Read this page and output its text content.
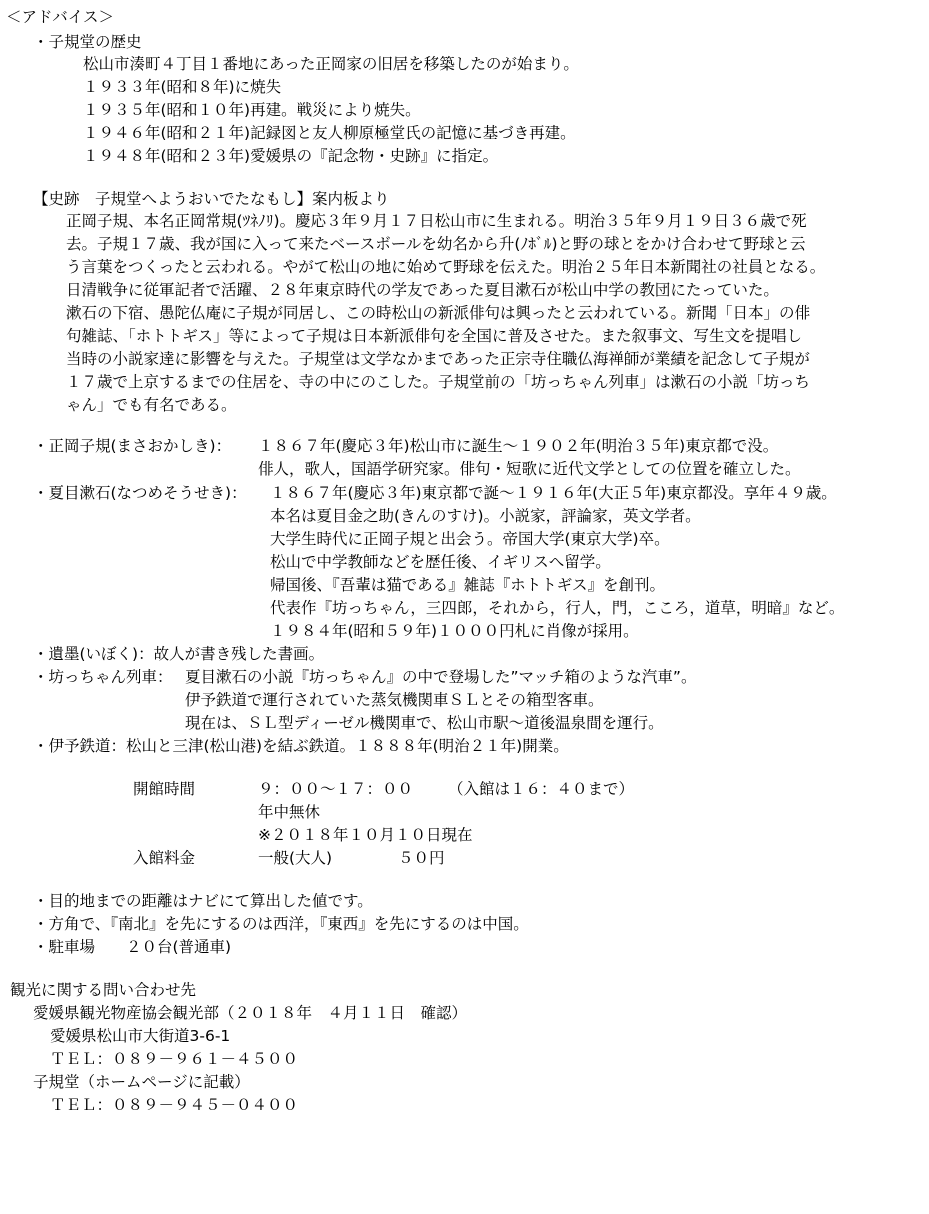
＜アドバイス＞
・子規堂の歴史
松山市湊町４丁目１番地にあった正岡家の旧居を移築したのが始まり。
１９３３年(昭和８年)に焼失
１９３５年(昭和１０年)再建。戦災により焼失。
１９４６年(昭和２１年)記録図と友人柳原極堂氏の記憶に基づき再建。
１９４８年(昭和２３年)愛媛県の『記念物・史跡』に指定。
【史跡　子規堂へようおいでたなもし】案内板より
正岡子規、本名正岡常規(ﾂﾈﾉﾘ)。慶応３年９月１７日松山市に生まれる。明治３５年９月１９日３６歳で死
去。子規１７歳、我が国に入って来たベースボールを幼名から升(ﾉﾎﾞﾙ)と野の球とをかけ合わせて野球と云
う言葉をつくったと云われる。やがて松山の地に始めて野球を伝えた。明治２５年日本新聞社の社員となる。
日清戦争に従軍記者で活躍、２８年東京時代の学友であった夏目漱石が松山中学の教団にたっていた。
漱石の下宿、愚陀仏庵に子規が同居し、この時松山の新派俳句は興ったと云われている。新聞「日本」の俳
句雑誌、「ホトトギス」等によって子規は日本新派俳句を全国に普及させた。また叙事文、写生文を提唱し
当時の小説家達に影響を与えた。子規堂は文学なかまであった正宗寺住職仏海禅師が業績を記念して子規が
１７歳で上京するまでの住居を、寺の中にのこした。子規堂前の「坊っちゃん列車」は漱石の小説「坊っち
ゃん」でも有名である。
・正岡子規(まさおかしき)： １８６７年(慶応３年)松山市に誕生～１９０２年(明治３５年)東京都で没。
俳人，歌人，国語学研究家。俳句・短歌に近代文学としての位置を確立した。
・夏目漱石(なつめそうせき)： １８６７年(慶応３年)東京都で誕～１９１６年(大正５年)東京都没。享年４９歳。
本名は夏目金之助(きんのすけ)。小説家，評論家，英文学者。
大学生時代に正岡子規と出会う。帝国大学(東京大学)卒。
松山で中学教師などを歴任後、イギリスへ留学。
帰国後、『吾輩は猫である』雑誌『ホトトギス』を創刊。
代表作『坊っちゃん，三四郎，それから，行人，門，こころ，道草，明暗』など。
１９８４年(昭和５９年)１０００円札に肖像が採用。
・遺墨(いぼく)：故人が書き残した書画。
・坊っちゃん列車： 夏目漱石の小説『坊っちゃん』の中で登場した”マッチ箱のような汽車”。
伊予鉄道で運行されていた蒸気機関車ＳＬとその箱型客車。
現在は、ＳＬ型ディーゼル機関車で、松山市駅～道後温泉間を運行。
・伊予鉄道：松山と三津(松山港)を結ぶ鉄道。１８８８年(明治２１年)開業。
開館時間	９：００～１７：００ （入館は１６：４０まで）
年中無休
※２０１８年１０月１０日現在
入館料金	一般(大人)	５０円
・目的地までの距離はナビにて算出した値です。
・方角で、『南北』を先にするのは西洋，『東西』を先にするのは中国。
・駐車場　　２０台(普通車)
観光に関する問い合わせ先
愛媛県観光物産協会観光部（２０１８年　４月１１日　確認）
愛媛県松山市大街道3-6-1
ＴＥＬ：０８９－９６１－４５００
子規堂（ホームページに記載）
ＴＥＬ：０８９－９４５－０４００
